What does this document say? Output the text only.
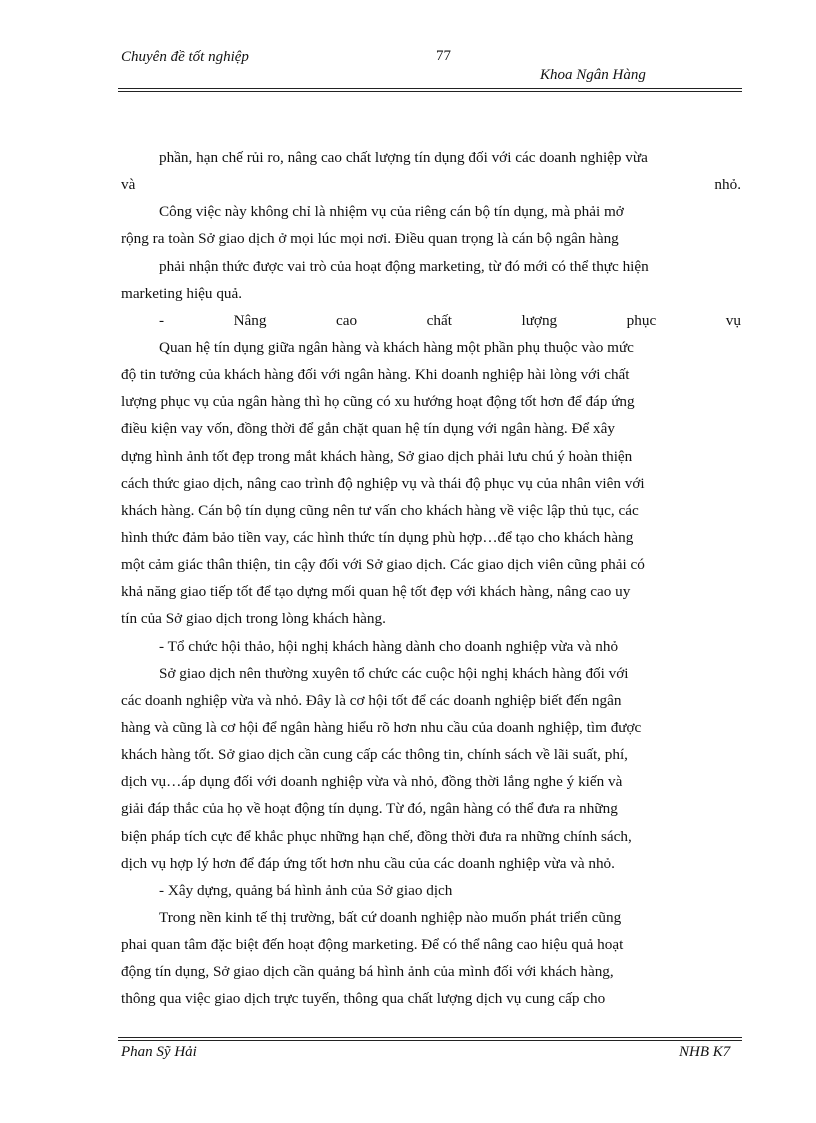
Chuyên đề tốt nghiệp	77
Khoa Ngân Hàng
phần, hạn chế rủi ro, nâng cao chất lượng tín dụng đối với các doanh nghiệp vừa
và	nhỏ.
Công việc này không chỉ là nhiệm vụ của riêng cán bộ tín dụng, mà phải mở
rộng ra toàn Sở giao dịch ở mọi lúc mọi nơi. Điều quan trọng là cán bộ ngân hàng
phải nhận thức được vai trò của hoạt động marketing, từ đó mới có thể thực hiện
marketing hiệu quả.
-	Nâng	cao	chất	lượng	phục	vụ
Quan hệ tín dụng giữa ngân hàng và khách hàng một phần phụ thuộc vào mức
độ tin tưởng của khách hàng đối với ngân hàng. Khi doanh nghiệp hài lòng với chất
lượng phục vụ của ngân hàng thì họ cũng có xu hướng hoạt động tốt hơn để đáp ứng
điều kiện vay vốn, đồng thời để gắn chặt quan hệ tín dụng với ngân hàng. Để xây
dựng hình ảnh tốt đẹp trong mắt khách hàng, Sở giao dịch phải lưu chú ý hoàn thiện
cách thức giao dịch, nâng cao trình độ nghiệp vụ và thái độ phục vụ của nhân viên với
khách hàng. Cán bộ tín dụng cũng nên tư vấn cho khách hàng về việc lập thủ tục, các
hình thức đảm bảo tiền vay, các hình thức tín dụng phù hợp…để tạo cho khách hàng
một cảm giác thân thiện, tin cậy đối với Sở giao dịch. Các giao dịch viên cũng phải có
khả năng giao tiếp tốt để tạo dựng mối quan hệ tốt đẹp với khách hàng, nâng cao uy
tín của Sở giao dịch trong lòng khách hàng.
- Tổ chức hội thảo, hội nghị khách hàng dành cho doanh nghiệp vừa và nhỏ
Sở giao dịch nên thường xuyên tổ chức các cuộc hội nghị khách hàng đối với
các doanh nghiệp vừa và nhỏ. Đây là cơ hội tốt để các doanh nghiệp biết đến ngân
hàng và cũng là cơ hội để ngân hàng hiểu rõ hơn nhu cầu của doanh nghiệp, tìm được
khách hàng tốt. Sở giao dịch cần cung cấp các thông tin, chính sách về lãi suất, phí,
dịch vụ…áp dụng đối với doanh nghiệp vừa và nhỏ, đồng thời lắng nghe ý kiến và
giải đáp thắc của họ về hoạt động tín dụng. Từ đó, ngân hàng có thể đưa ra những
biện pháp tích cực để khắc phục những hạn chế, đồng thời đưa ra những chính sách,
dịch vụ hợp lý hơn để đáp ứng tốt hơn nhu cầu của các doanh nghiệp vừa và nhỏ.
- Xây dựng, quảng bá hình ảnh của Sở giao dịch
Trong nền kinh tế thị trường, bất cứ doanh nghiệp nào muốn phát triển cũng
phai quan tâm đặc biệt đến hoạt động marketing. Để có thể nâng cao hiệu quả hoạt
động tín dụng, Sở giao dịch cần quảng bá hình ảnh của mình đối với khách hàng,
thông qua việc giao dịch trực tuyến, thông qua chất lượng dịch vụ cung cấp cho
Phan Sỹ Hải	NHB K7
